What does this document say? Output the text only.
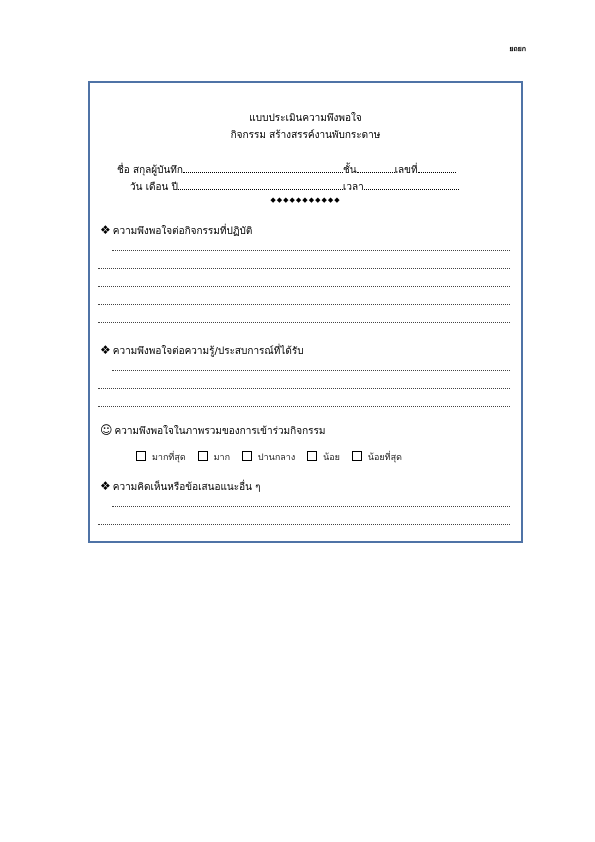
ยถยก
แบบประเมินความพึงพอใจ
กิจกรรม สร้างสรรค์งานพับกระดาษ
ชื่อ สกุลผู้บันทึก	ชั้น	เลขที่
วัน เดือน ปี	เวลา
◆◆◆◆◆◆◆◆◆◆◆
❖ ความพึงพอใจต่อกิจกรรมที่ปฏิบัติ
❖ ความพึงพอใจต่อความรู้/ประสบการณ์ที่ได้รับ
☺ ความพึงพอใจในภาพรวมของการเข้าร่วมกิจกรรม
มากที่สุด	มาก	ปานกลาง	น้อย	น้อยที่สุด
❖ ความคิดเห็นหรือข้อเสนอแนะอื่น ๆ
